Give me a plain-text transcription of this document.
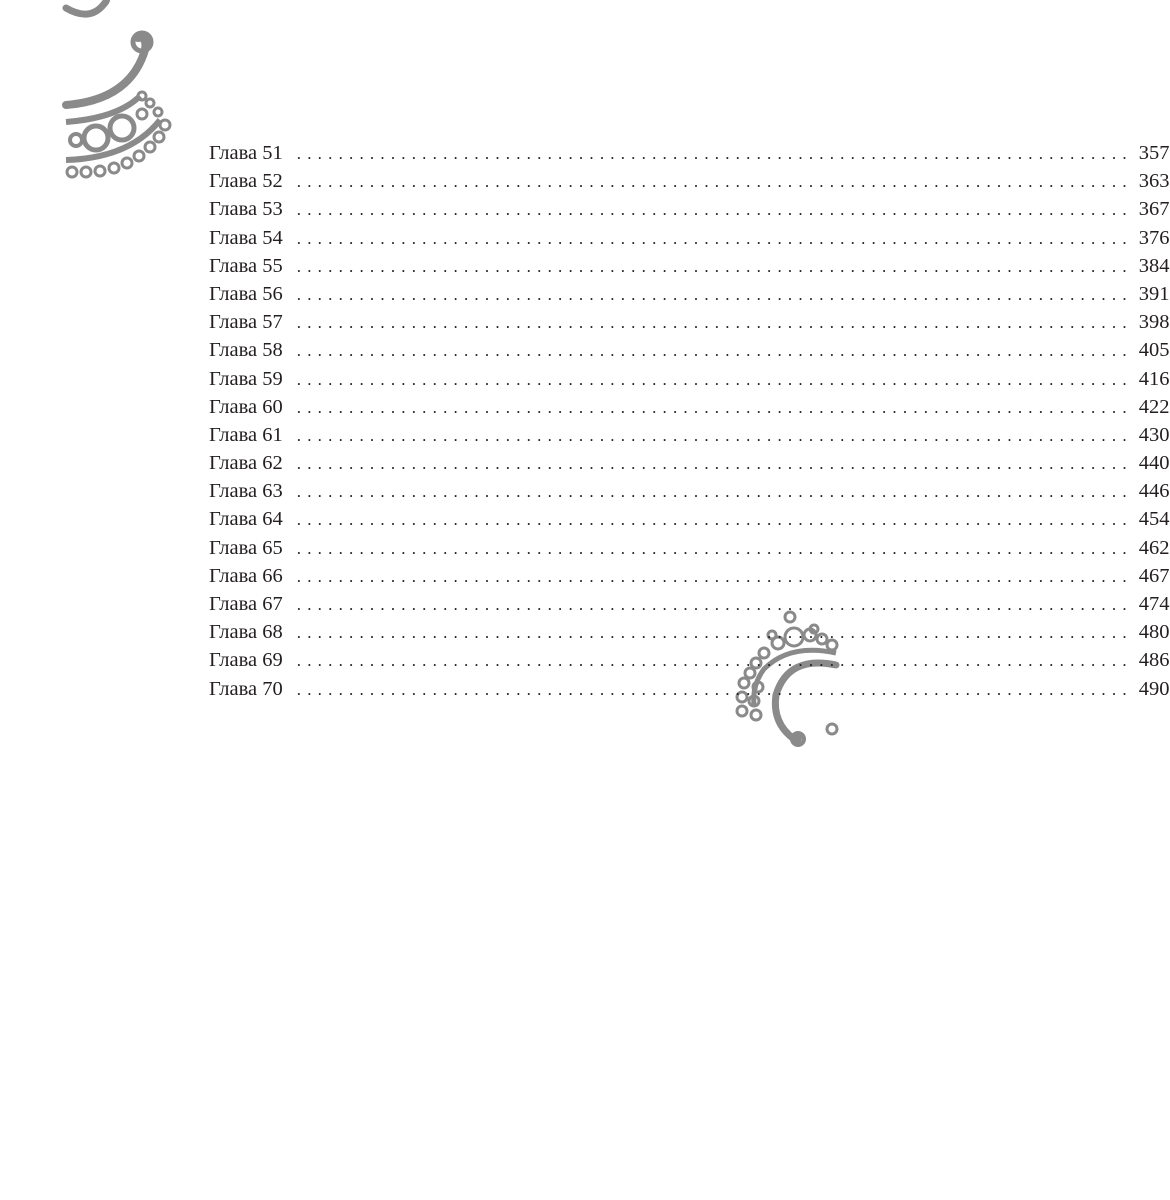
Глава 51 ................................................................................ 357
Глава 52 ................................................................................ 363
Глава 53 ................................................................................ 367
Глава 54 ................................................................................ 376
Глава 55 ................................................................................ 384
Глава 56 ................................................................................ 391
Глава 57 ................................................................................ 398
Глава 58 ................................................................................ 405
Глава 59 ................................................................................ 416
Глава 60 ................................................................................ 422
Глава 61 ................................................................................ 430
Глава 62 ................................................................................ 440
Глава 63 ................................................................................ 446
Глава 64 ................................................................................ 454
Глава 65 ................................................................................ 462
Глава 66 ................................................................................ 467
Глава 67 ................................................................................ 474
Глава 68 ................................................................................ 480
Глава 69 ................................................................................ 486
Глава 70 ................................................................................ 490
